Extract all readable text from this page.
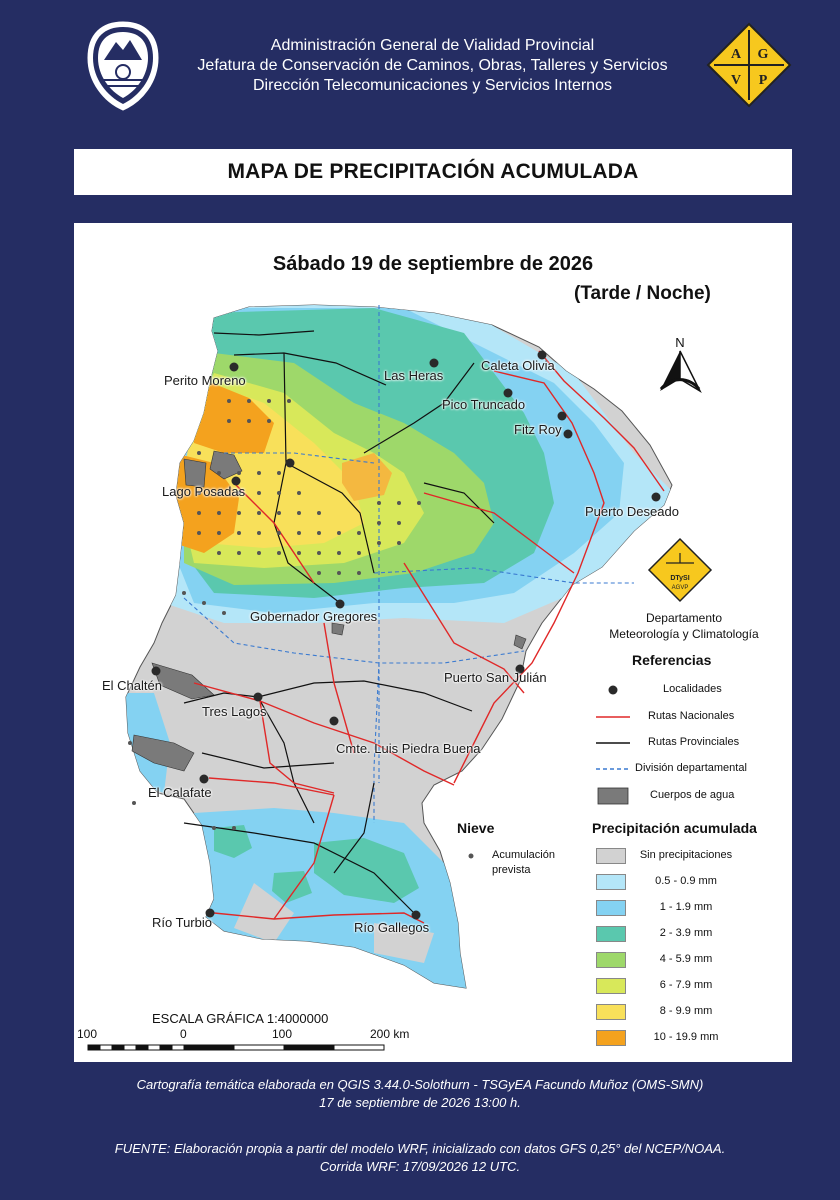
Administración General de Vialidad Provincial
Jefatura de Conservación de Caminos, Obras, Talleres y Servicios
Dirección Telecomunicaciones y Servicios Internos
A G
V P
MAPA DE PRECIPITACIÓN ACUMULADA
N
DTySI
AGVP
Sábado 19 de septiembre de 2026
(Tarde / Noche)
Perito Moreno	Las Heras
Caleta Olivia
Pico Truncado
Fitz Roy
Lago Posadas
Puerto Deseado
Gobernador Gregores
Puerto San Julián
El Chaltén
Tres Lagos
Cmte. Luis Piedra Buena
El Calafate
Río Turbio	Río Gallegos
Departamento
Meteorología y Climatología
Referencias
Localidades
Rutas Nacionales
Rutas Provinciales
División departamental
Cuerpos de agua
Nieve
Acumulación
prevista
Precipitación acumulada
Sin precipitaciones
0.5 - 0.9 mm
1 - 1.9 mm
2 - 3.9 mm
4 - 5.9 mm
6 - 7.9 mm
8 - 9.9 mm
10 - 19.9 mm
ESCALA GRÁFICA 1:4000000
100	0	100	200 km
Cartografía temática elaborada en QGIS 3.44.0-Solothurn - TSGyEA Facundo Muñoz (OMS-SMN)
17 de septiembre de 2026 13:00 h.
FUENTE: Elaboración propia a partir del modelo WRF, inicializado con datos GFS 0,25° del NCEP/NOAA.
Corrida WRF: 17/09/2026 12 UTC.
